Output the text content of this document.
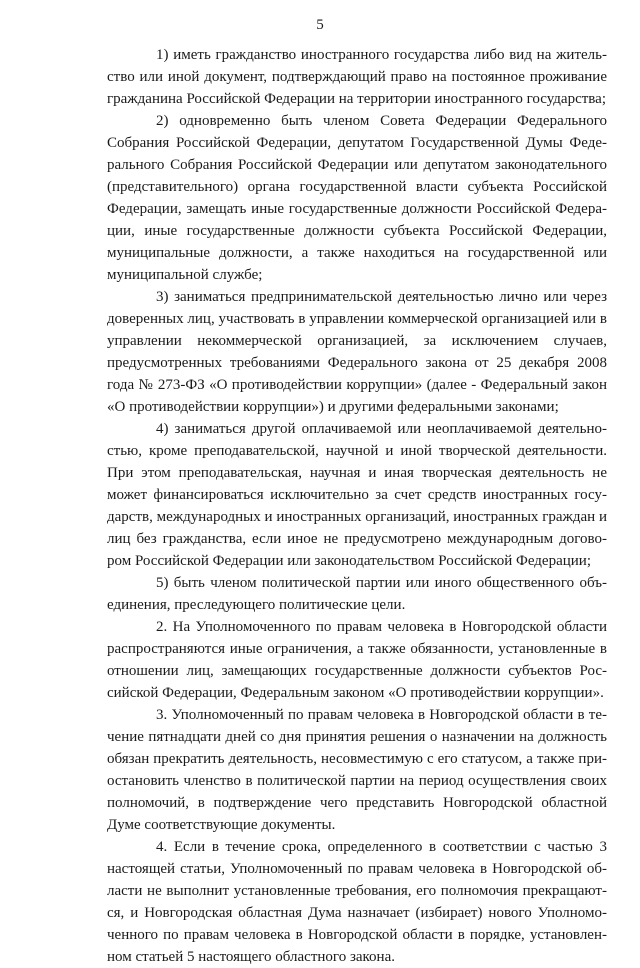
5

1) иметь гражданство иностранного государства либо вид на жительство или иной документ, подтверждающий право на постоянное проживание гражданина Российской Федерации на территории иностранного государства;

2) одновременно быть членом Совета Федерации Федерального Собрания Российской Федерации, депутатом Государственной Думы Федерального Собрания Российской Федерации или депутатом законодательного (представительного) органа государственной власти субъекта Российской Федерации, замещать иные государственные должности Российской Федерации, иные государственные должности субъекта Российской Федерации, муниципальные должности, а также находиться на государственной или муниципальной службе;

3) заниматься предпринимательской деятельностью лично или через доверенных лиц, участвовать в управлении коммерческой организацией или в управлении некоммерческой организацией, за исключением случаев, предусмотренных требованиями Федерального закона от 25 декабря 2008 года № 273-ФЗ «О противодействии коррупции» (далее - Федеральный закон «О противодействии коррупции») и другими федеральными законами;

4) заниматься другой оплачиваемой или неоплачиваемой деятельностью, кроме преподавательской, научной и иной творческой деятельности. При этом преподавательская, научная и иная творческая деятельность не может финансироваться исключительно за счет средств иностранных государств, международных и иностранных организаций, иностранных граждан и лиц без гражданства, если иное не предусмотрено международным договором Российской Федерации или законодательством Российской Федерации;

5) быть членом политической партии или иного общественного объединения, преследующего политические цели.

2. На Уполномоченного по правам человека в Новгородской области распространяются иные ограничения, а также обязанности, установленные в отношении лиц, замещающих государственные должности субъектов Российской Федерации, Федеральным законом «О противодействии коррупции».

3. Уполномоченный по правам человека в Новгородской области в течение пятнадцати дней со дня принятия решения о назначении на должность обязан прекратить деятельность, несовместимую с его статусом, а также приостановить членство в политической партии на период осуществления своих полномочий, в подтверждение чего представить Новгородской областной Думе соответствующие документы.

4. Если в течение срока, определенного в соответствии с частью 3 настоящей статьи, Уполномоченный по правам человека в Новгородской области не выполнит установленные требования, его полномочия прекращаются, и Новгородская областная Дума назначает (избирает) нового Уполномоченного по правам человека в Новгородской области в порядке, установленном статьей 5 настоящего областного закона.
